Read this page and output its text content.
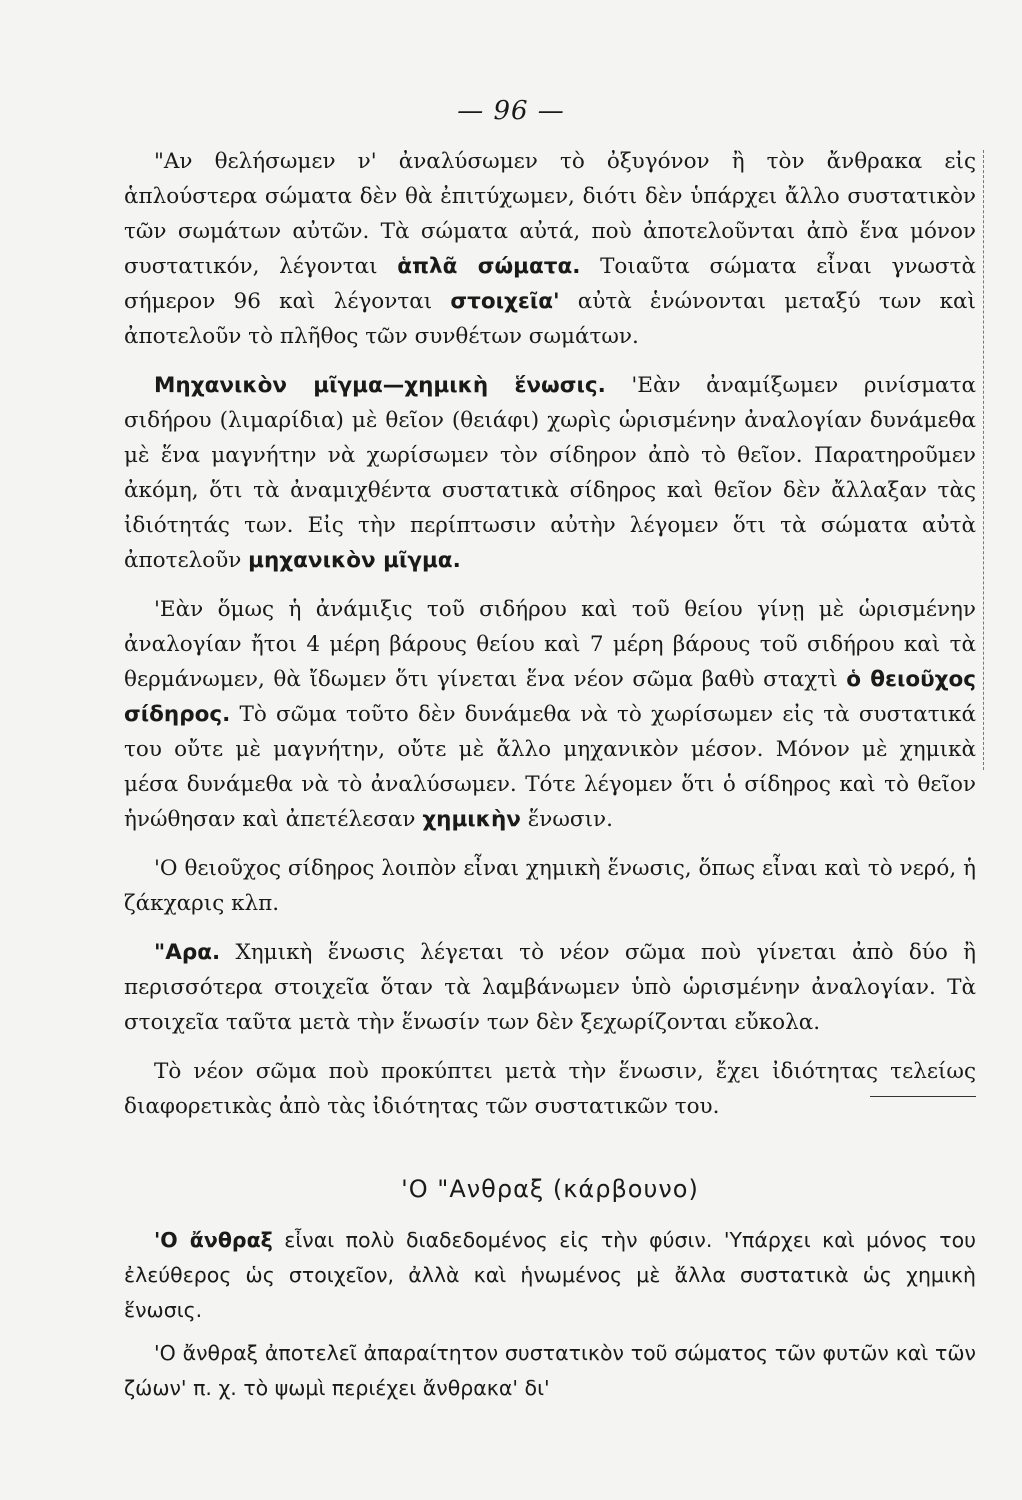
— 96 —

"Αν θελήσωμεν ν' ἀναλύσωμεν τὸ ὀξυγόνον ἢ τὸν ἄνθρακα εἰς ἁπλούστερα σώματα δὲν θὰ ἐπιτύχωμεν, διότι δὲν ὑπάρχει ἄλλο συστατικὸν τῶν σωμάτων αὐτῶν. Τὰ σώματα αὐτά, ποὺ ἀποτελοῦνται ἀπὸ ἕνα μόνον συστατικόν, λέγονται ἁπλᾶ σώματα. Τοιαῦτα σώματα εἶναι γνωστὰ σήμερον 96 καὶ λέγονται στοιχεῖα' αὐτὰ ἑνώνονται μεταξύ των καὶ ἀποτελοῦν τὸ πλῆθος τῶν συνθέτων σωμάτων.

Μηχανικὸν μῖγμα—χημικὴ ἕνωσις. 'Εὰν ἀναμίξωμεν ρινίσματα σιδήρου (λιμαρίδια) μὲ θεῖον (θειάφι) χωρὶς ὡρισμένην ἀναλογίαν δυνάμεθα μὲ ἕνα μαγνήτην νὰ χωρίσωμεν τὸν σίδηρον ἀπὸ τὸ θεῖον. Παρατηροῦμεν ἀκόμη, ὅτι τὰ ἀναμιχθέντα συστατικὰ σίδηρος καὶ θεῖον δὲν ἄλλαξαν τὰς ἰδιότητάς των. Εἰς τὴν περίπτωσιν αὐτὴν λέγομεν ὅτι τὰ σώματα αὐτὰ ἀποτελοῦν μηχανικὸν μῖγμα.

'Εὰν ὅμως ἡ ἀνάμιξις τοῦ σιδήρου καὶ τοῦ θείου γίνῃ μὲ ὡρισμένην ἀναλογίαν ἤτοι 4 μέρη βάρους θείου καὶ 7 μέρη βάρους τοῦ σιδήρου καὶ τὰ θερμάνωμεν, θὰ ἴδωμεν ὅτι γίνεται ἕνα νέον σῶμα βαθὺ σταχτὶ ὁ θειοῦχος σίδηρος. Τὸ σῶμα τοῦτο δὲν δυνάμεθα νὰ τὸ χωρίσωμεν εἰς τὰ συστατικά του οὔτε μὲ μαγνήτην, οὔτε μὲ ἄλλο μηχανικὸν μέσον. Μόνον μὲ χημικὰ μέσα δυνάμεθα νὰ τὸ ἀναλύσωμεν. Τότε λέγομεν ὅτι ὁ σίδηρος καὶ τὸ θεῖον ἡνώθησαν καὶ ἀπετέλεσαν χημικὴν ἕνωσιν.

'Ο θειοῦχος σίδηρος λοιπὸν εἶναι χημικὴ ἕνωσις, ὅπως εἶναι καὶ τὸ νερό, ἡ ζάκχαρις κλπ.

"Αρα. Χημικὴ ἕνωσις λέγεται τὸ νέον σῶμα ποὺ γίνεται ἀπὸ δύο ἢ περισσότερα στοιχεῖα ὅταν τὰ λαμβάνωμεν ὑπὸ ὡρισμένην ἀναλογίαν. Τὰ στοιχεῖα ταῦτα μετὰ τὴν ἕνωσίν των δὲν ξεχωρίζονται εὔκολα.

Τὸ νέον σῶμα ποὺ προκύπτει μετὰ τὴν ἕνωσιν, ἔχει ἰδιότητας τελείως διαφορετικὰς ἀπὸ τὰς ἰδιότητας τῶν συστατικῶν του.

'Ο "Ανθραξ (κάρβουνο)

'Ο ἄνθραξ εἶναι πολὺ διαδεδομένος εἰς τὴν φύσιν. 'Υπάρχει καὶ μόνος του ἐλεύθερος ὡς στοιχεῖον, ἀλλὰ καὶ ἡνωμένος μὲ ἄλλα συστατικὰ ὡς χημικὴ ἕνωσις.

'Ο ἄνθραξ ἀποτελεῖ ἀπαραίτητον συστατικὸν τοῦ σώματος τῶν φυτῶν καὶ τῶν ζώων' π. χ. τὸ ψωμὶ περιέχει ἄνθρακα' δι'
